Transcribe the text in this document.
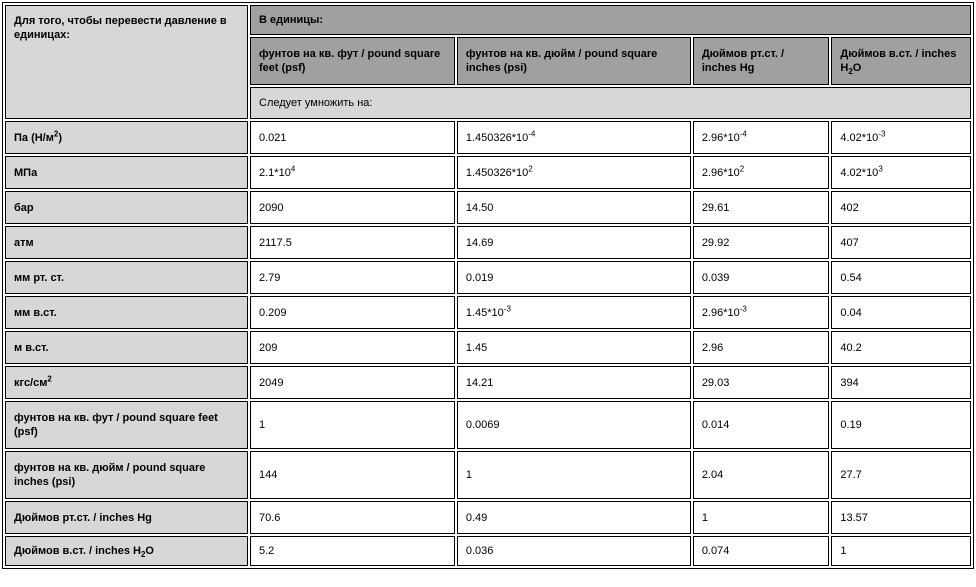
Для того, чтобы перевести давление в единицах:	В единицы:			
	фунтов на кв. фут / pound square feet (psf)	фунтов на кв. дюйм / pound square inches (psi)	Дюймов рт.ст. / inches Hg	Дюймов в.ст. / inches $H_2O$
	Следует умножить на:			
Па $(Н/м^2)$	0.021	$1.450326*10^{-4}$	$2.96*10^{-4}$	$4.02*10^{-3}$
МПа	$2.1*10^4$	$1.450326*10^2$	$2.96*10^2$	$4.02*10^3$
бар	2090	14.50	29.61	402
атм	2117.5	14.69	29.92	407
мм рт. ст.	2.79	0.019	0.039	0.54
мм в.ст.	0.209	$1.45*10^{-3}$	$2.96*10^{-3}$	0.04
м в.ст.	209	1.45	2.96	40.2
кгс/$см^2$	2049	14.21	29.03	394
фунтов на кв. фут / pound square feet (psf)	1	0.0069	0.014	0.19
фунтов на кв. дюйм / pound square inches (psi)	144	1	2.04	27.7
Дюймов рт.ст. / inches Hg	70.6	0.49	1	13.57
Дюймов в.ст. / inches $H_2O$	5.2	0.036	0.074	1
